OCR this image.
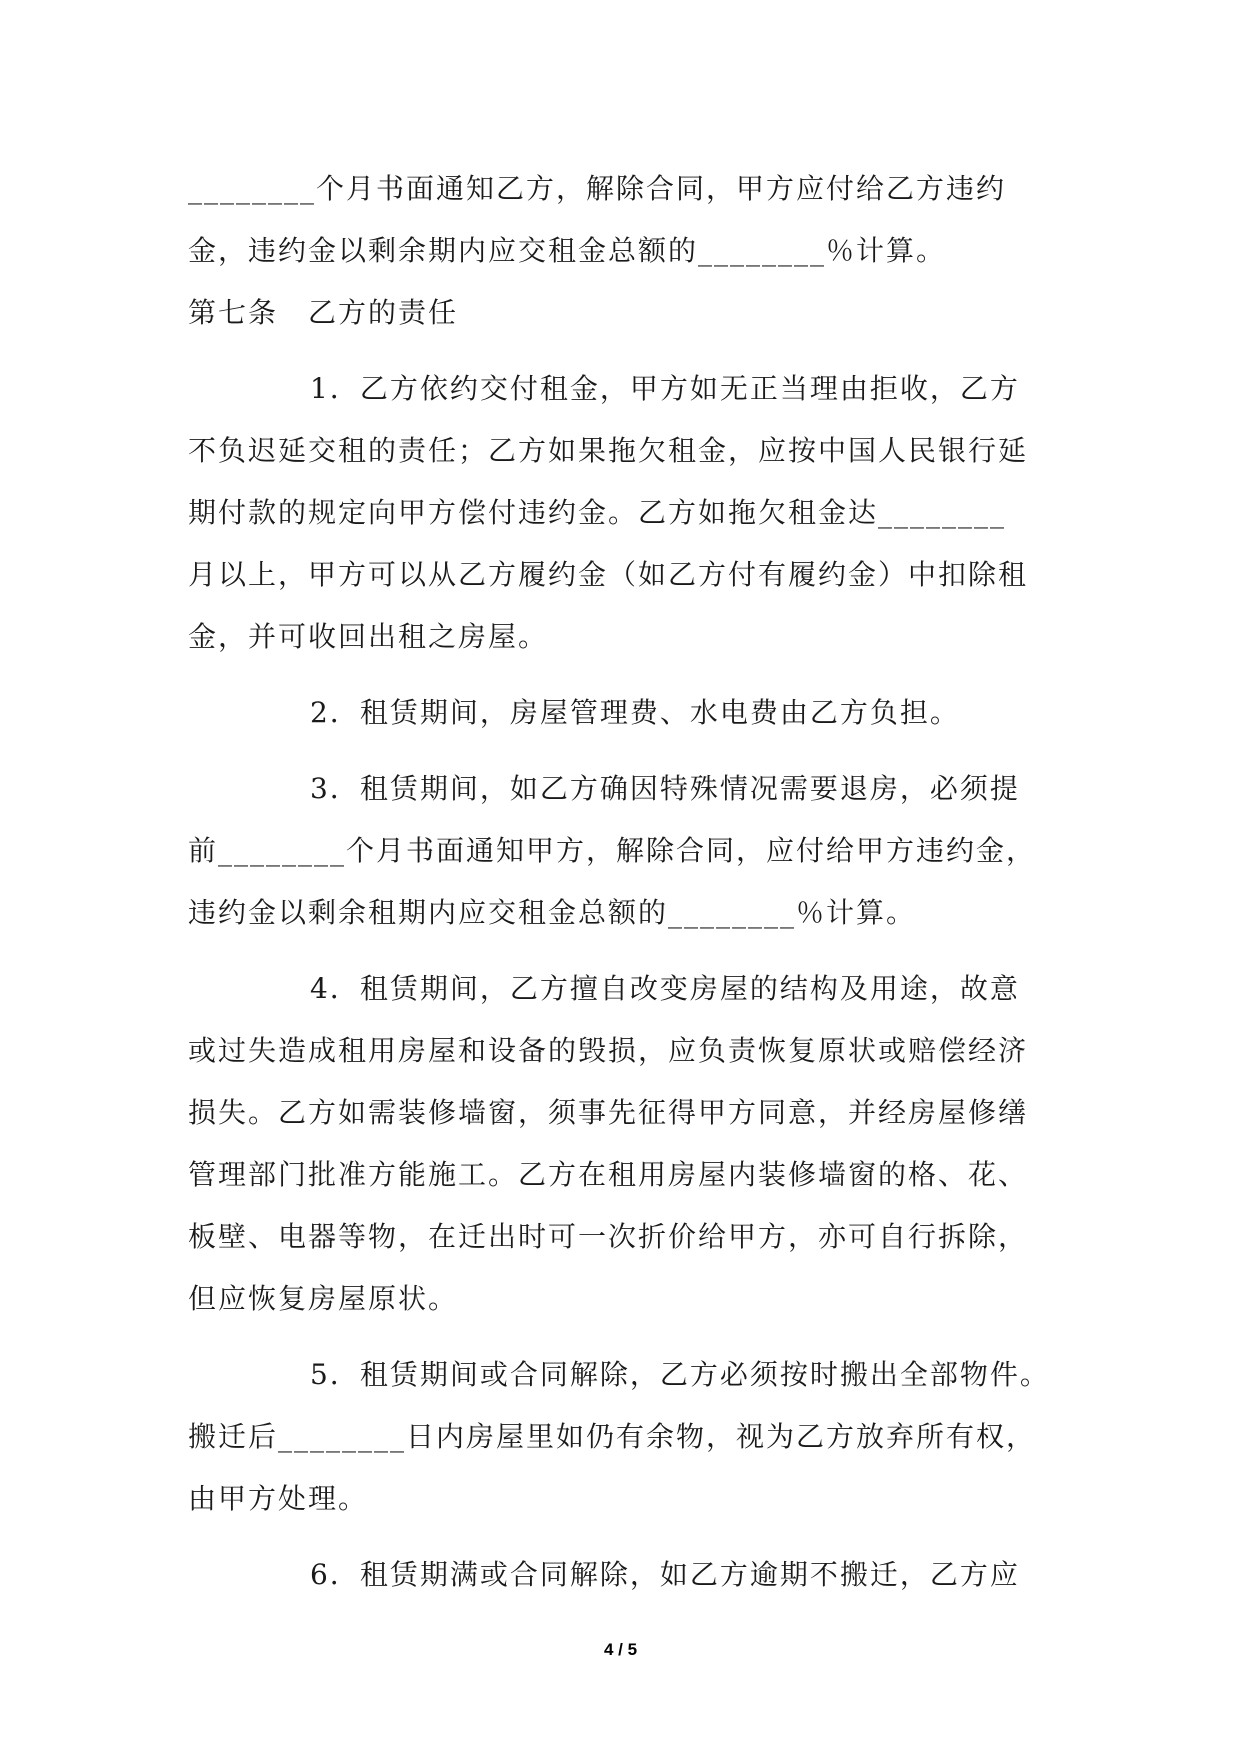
________个月书面通知乙方，解除合同，甲方应付给乙方违约
金，违约金以剩余期内应交租金总额的________％计算。
第七条　乙方的责任
1．乙方依约交付租金，甲方如无正当理由拒收，乙方
不负迟延交租的责任；乙方如果拖欠租金，应按中国人民银行延
期付款的规定向甲方偿付违约金。乙方如拖欠租金达________
月以上，甲方可以从乙方履约金（如乙方付有履约金）中扣除租
金，并可收回出租之房屋。
2．租赁期间，房屋管理费、水电费由乙方负担。
3．租赁期间，如乙方确因特殊情况需要退房，必须提
前________个月书面通知甲方，解除合同，应付给甲方违约金，
违约金以剩余租期内应交租金总额的________％计算。
4．租赁期间，乙方擅自改变房屋的结构及用途，故意
或过失造成租用房屋和设备的毁损，应负责恢复原状或赔偿经济
损失。乙方如需装修墙窗，须事先征得甲方同意，并经房屋修缮
管理部门批准方能施工。乙方在租用房屋内装修墙窗的格、花、
板壁、电器等物，在迁出时可一次折价给甲方，亦可自行拆除，
但应恢复房屋原状。
5．租赁期间或合同解除，乙方必须按时搬出全部物件。
搬迁后________日内房屋里如仍有余物，视为乙方放弃所有权，
由甲方处理。
6．租赁期满或合同解除，如乙方逾期不搬迁，乙方应
4 / 5
